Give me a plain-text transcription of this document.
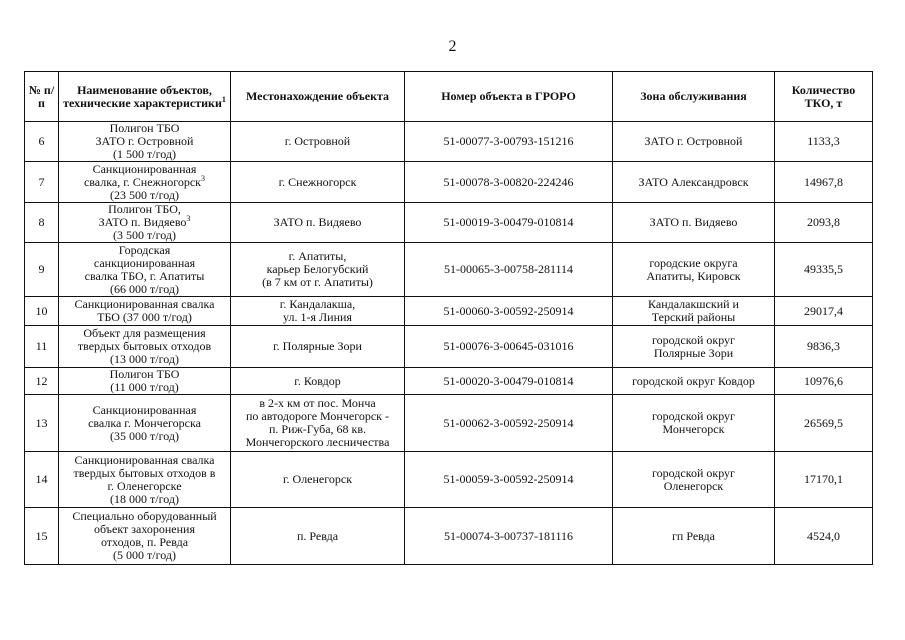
2
№ п/п	Наименование объектов, технические характеристики$^1$	Местонахождение объекта	Номер объекта в ГРОРО	Зона обслуживания	Количество ТКО, т
6	Полигон ТБО
ЗАТО г. Островной
(1 500 т/год)	г. Островной	51-00077-3-00793-151216	ЗАТО г. Островной	1133,3
7	Санкционированная
свалка, г. Снежногорск$^3$
(23 500 т/год)	г. Снежногорск	51-00078-3-00820-224246	ЗАТО Александровск	14967,8
8	Полигон ТБО,
ЗАТО п. Видяево$^3$
(3 500 т/год)	ЗАТО п. Видяево	51-00019-3-00479-010814	ЗАТО п. Видяево	2093,8
9	Городская
санкционированная
свалка ТБО, г. Апатиты
(66 000 т/год)	г. Апатиты,
карьер Белогубский
(в 7 км от г. Апатиты)	51-00065-3-00758-281114	городские округа
Апатиты, Кировск	49335,5
10	Санкционированная свалка
ТБО (37 000 т/год)	г. Кандалакша,
ул. 1-я Линия	51-00060-3-00592-250914	Кандалакшский и
Терский районы	29017,4
11	Объект для размещения
твердых бытовых отходов
(13 000 т/год)	г. Полярные Зори	51-00076-3-00645-031016	городской округ
Полярные Зори	9836,3
12	Полигон ТБО
(11 000 т/год)	г. Ковдор	51-00020-3-00479-010814	городской округ Ковдор	10976,6
13	Санкционированная
свалка г. Мончегорска
(35 000 т/год)	в 2-х км от пос. Монча
по автодороге Мончегорск -
п. Риж-Губа, 68 кв.
Мончегорского лесничества	51-00062-3-00592-250914	городской округ
Мончегорск	26569,5
14	Санкционированная свалка
твердых бытовых отходов в
г. Оленегорске
(18 000 т/год)	г. Оленегорск	51-00059-3-00592-250914	городской округ
Оленегорск	17170,1
15	Специально оборудованный
объект захоронения
отходов, п. Ревда
(5 000 т/год)	п. Ревда	51-00074-3-00737-181116	гп Ревда	4524,0
